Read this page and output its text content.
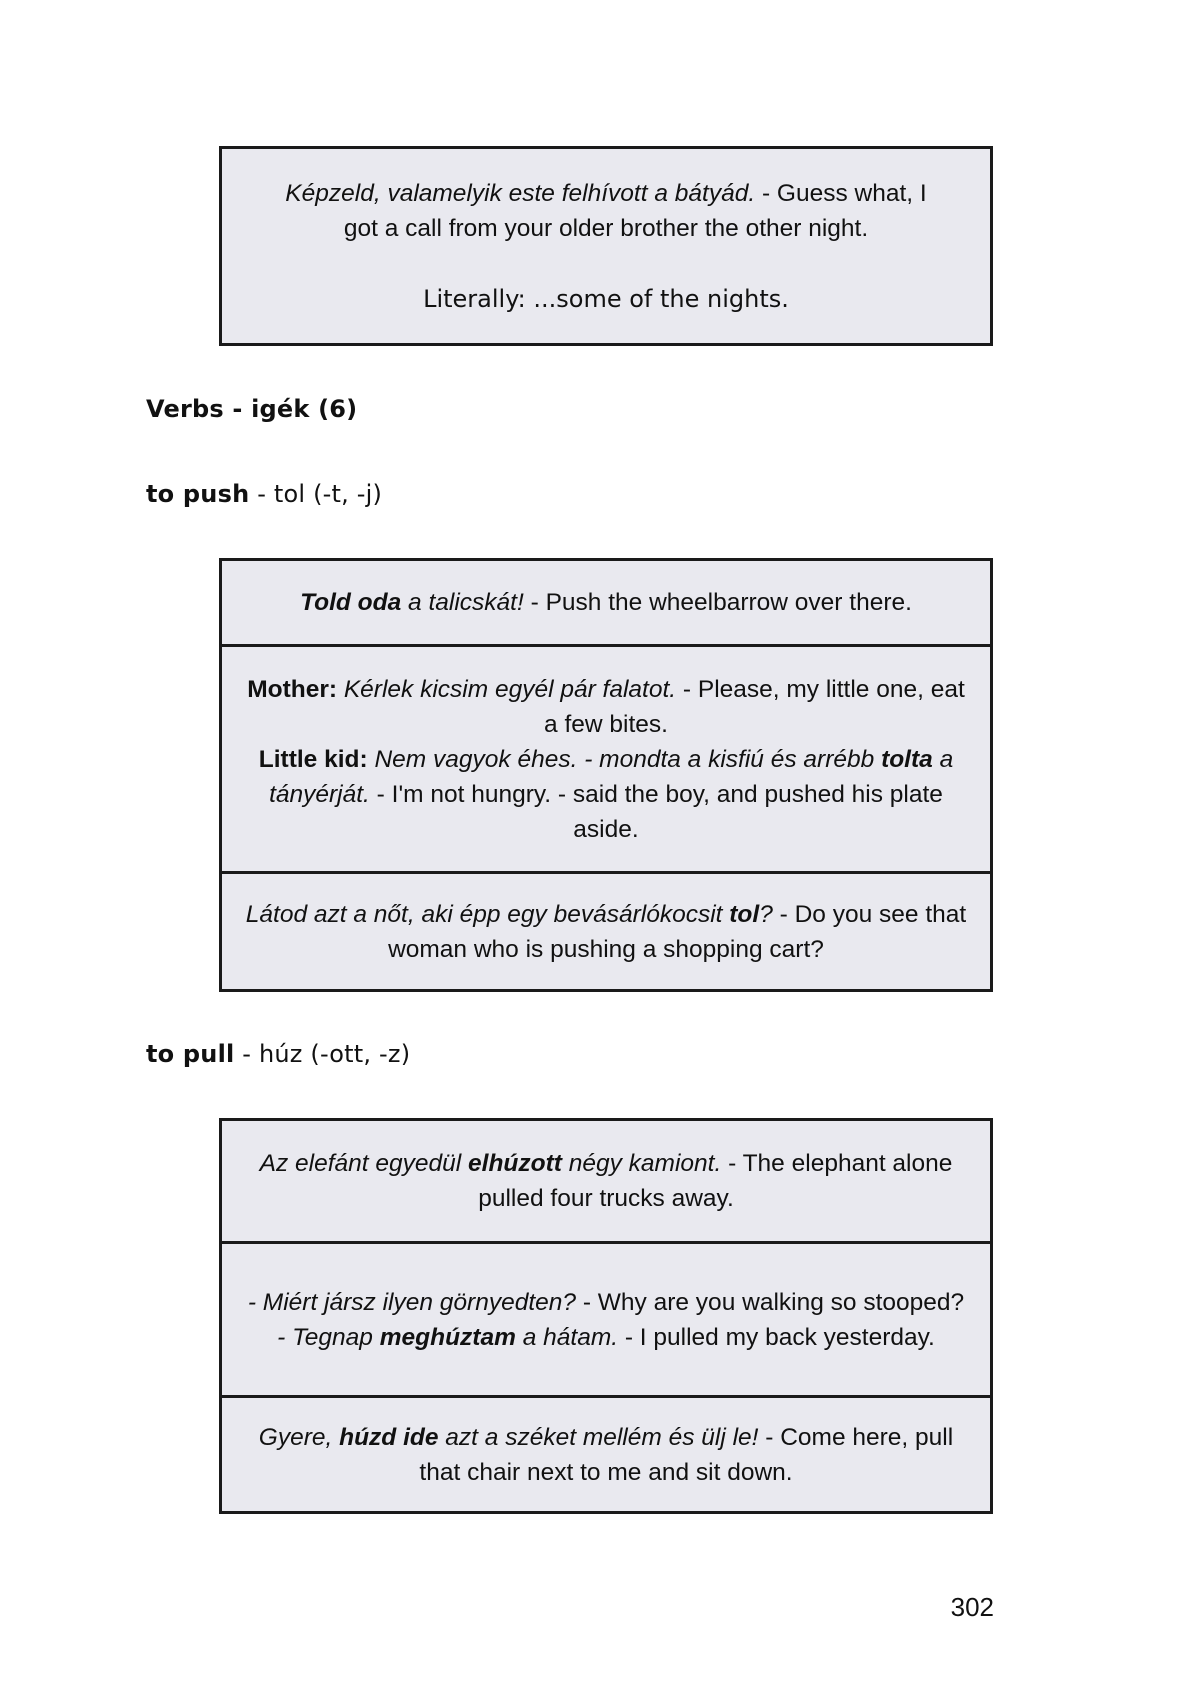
Képzeld, valamelyik este felhívott a bátyád. - Guess what, I got a call from your older brother the other night.

Literally: ...some of the nights.

Verbs - igék (6)
to push - tol (-t, -j)

Told oda a talicskát! - Push the wheelbarrow over there.

Mother: Kérlek kicsim egyél pár falatot. - Please, my little one, eat a few bites.

Little kid: Nem vagyok éhes. - mondta a kisfiú és arrébb tolta a tányérját. - I'm not hungry. - said the boy, and pushed his plate aside.

Látod azt a nőt, aki épp egy bevásárlókocsit tol? - Do you see that woman who is pushing a shopping cart?

to pull - húz (-ott, -z)

Az elefánt egyedül elhúzott négy kamiont. - The elephant alone pulled four trucks away.

- Miért jársz ilyen görnyedten? - Why are you walking so stooped?

- Tegnap meghúztam a hátam. - I pulled my back yesterday.

Gyere, húzd ide azt a széket mellém és ülj le! - Come here, pull that chair next to me and sit down.

302
